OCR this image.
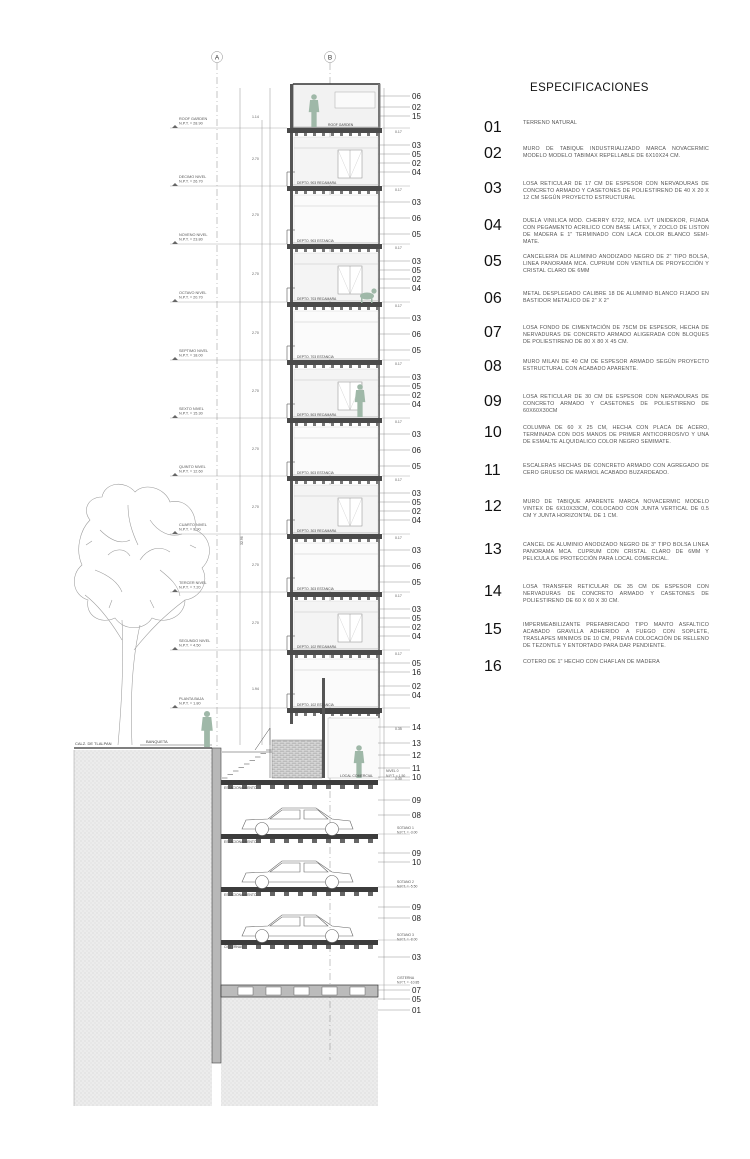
A	B
32.96
1.14
2.70
2.70
2.70
2.70
2.70
2.70
2.70
2.70
2.70
1.94
0.17
0.17
0.17
0.17
0.17
0.17
0.17
0.17
0.17
0.17
0.35
0.30
ROOF GARDEN
N.P.T. = 28.90
DECIMO NIVEL
N.P.T. = 26.70
NOVENO NIVEL
N.P.T. = 23.80
OCTAVO NIVEL
N.P.T. = 20.70
SEPTIMO NIVEL
N.P.T. = 18.00
SEXTO NIVEL
N.P.T. = 15.30
QUINTO NIVEL
N.P.T. = 12.60
CUARTO NIVEL
N.P.T. = 9.90
TERCER NIVEL
N.P.T. = 7.20
SEGUNDO NIVEL
N.P.T. = 4.50
PLANTA BAJA
N.P.T. = 1.80
ROOF GARDEN
DEPTO. 903 RECAMARA
DEPTO. 903 ESTANCIA
DEPTO. 703 RECAMARA
DEPTO. 703 ESTANCIA
DEPTO. 503 RECAMARA
DEPTO. 503 ESTANCIA
DEPTO. 303 RECAMARA
DEPTO. 303 ESTANCIA
DEPTO. 102 RECAMARA
DEPTO. 102 ESTANCIA
06
02
15
03
05
02
04
03
06
05
03
05
02
04
03
06
05
03
05
02
04
03
06
05
03
05
02
04
03
06
05
03
05
02
04
05
16
02
04
14
13
12
11
10
09
08
09
10
09
08
03
07
05
01
CALZ. DE TLALPAN	BANQUETA
LOCAL COMERCIAL
NIVEL 0
N.P.T. = 1.50
ESTACIONAMIENTO
ESTACIONAMIENTO
ESTACIONAMIENTO
CISTERNAS
SOTANO 1
N.P.T. = -3.00
SOTANO 2
N.P.T. = -5.50
SOTANO 3
N.P.T. = -8.00
CISTERNA
N.P.T. = -10.85
ESPECIFICACIONES
01	TERRENO NATURAL
02	MURO DE TABIQUE INDUSTRIALIZADO MARCA NOVACERMIC MODELO MODELO TABIMAX REPELLABLE DE 6X10X24 CM.
03	LOSA RETICULAR DE 17 CM DE ESPESOR CON NERVADURAS DE CONCRETO ARMADO Y CASETONES DE POLIESTIRENO DE 40 X 20 X 12 CM SEGÚN PROYECTO ESTRUCTURAL
04	DUELA VINILICA MOD. CHERRY 6722, MCA. LVT UNIDEKOR, FIJADA CON PEGAMENTO ACRILICO CON BASE LATEX, Y ZOCLO DE LISTON DE MADERA E 1" TERMINADO CON LACA COLOR BLANCO SEMI-MATE.
05	CANCELERIA DE ALUMINIO ANODIZADO NEGRO DE 2" TIPO BOLSA, LINEA PANORAMA MCA. CUPRUM CON VENTILA DE PROYECCIÓN Y CRISTAL CLARO DE 6MM
06	METAL DESPLEGADO CALIBRE 18 DE ALUMINIO BLANCO FIJADO EN BASTIDOR METALICO DE 2" X 2"
07	LOSA FONDO DE CIMENTACIÓN DE 75CM DE ESPESOR, HECHA DE NERVADURAS DE CONCRETO ARMADO ALIGERADA CON BLOQUES DE POLIESTIRENO DE 80 X 80 X 45 CM.
08	MURO MILAN DE 40 CM DE ESPESOR ARMADO SEGÚN PROYECTO ESTRUCTURAL CON ACABADO APARENTE.
09	LOSA RETICULAR DE 30 CM DE ESPESOR CON NERVADURAS DE CONCRETO ARMADO Y CASETONES DE POLIESTIRENO DE 60X60X30CM
10	COLUMNA DE 60 X 25 CM, HECHA CON PLACA DE ACERO, TERMINADA CON DOS MANOS DE PRIMER ANTICORROSIVO Y UNA DE ESMALTE ALQUIDALICO COLOR NEGRO SEMIMATE.
11	ESCALERAS HECHAS DE CONCRETO ARMADO CON AGREGADO DE CERO GRUESO DE MARMOL ACABADO BUZARDEADO.
12	MURO DE TABIQUE APARENTE MARCA NOVACERMIC MODELO VINTEX DE 6X10X33CM, COLOCADO CON JUNTA VERTICAL DE 0.5 CM Y JUNTA HORIZONTAL DE 1 CM.
13	CANCEL DE ALUMINIO ANODIZADO NEGRO DE 3" TIPO BOLSA LINEA PANORAMA MCA. CUPRUM CON CRISTAL CLARO DE 6MM Y PELICULA DE PROTECCIÓN PARA LOCAL COMERCIAL.
14	LOSA TRANSFER RETICULAR DE 35 CM DE ESPESOR CON NERVADURAS DE CONCRETO ARMADO Y CASETONES DE POLIESTIRENO DE 60 X 60 X 30 CM.
15	IMPERMEABILIZANTE PREFABRICADO TIPO MANTO ASFALTICO ACABADO GRAVILLA ADHERIDO A FUEGO CON SOPLETE, TRASLAPES MINIMOS DE 10 CM, PREVIA COLOCACIÓN DE RELLENO DE TEZONTLE Y ENTORTADO PARA DAR PENDIENTE.
16	COTERO DE 1" HECHO CON CHAFLAN DE MADERA
